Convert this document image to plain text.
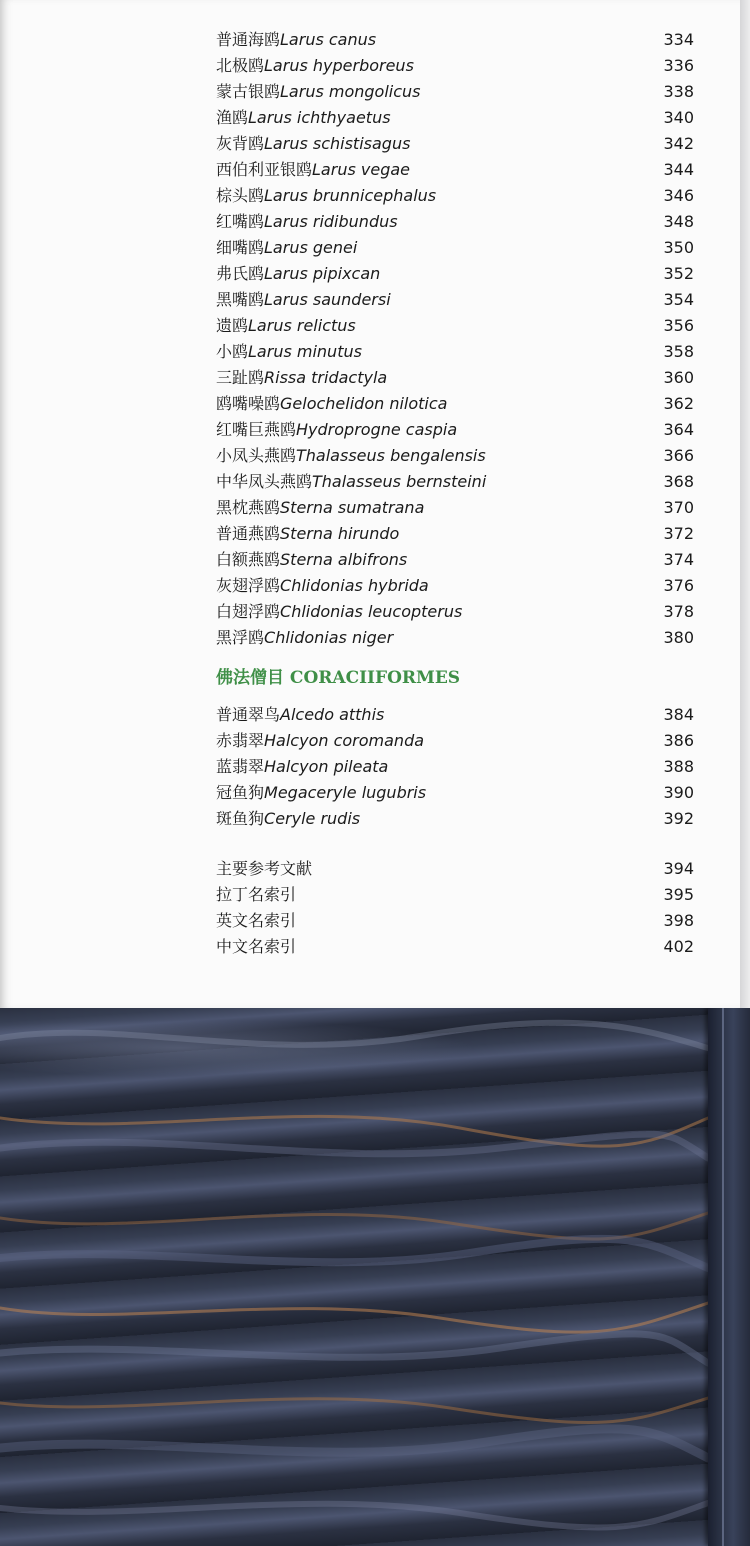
普通海鸥Larus canus	334
北极鸥Larus hyperboreus	336
蒙古银鸥Larus mongolicus	338
渔鸥Larus ichthyaetus	340
灰背鸥Larus schistisagus	342
西伯利亚银鸥Larus vegae	344
棕头鸥Larus brunnicephalus	346
红嘴鸥Larus ridibundus	348
细嘴鸥Larus genei	350
弗氏鸥Larus pipixcan	352
黑嘴鸥Larus saundersi	354
遗鸥Larus relictus	356
小鸥Larus minutus	358
三趾鸥Rissa tridactyla	360
鸥嘴噪鸥Gelochelidon nilotica	362
红嘴巨燕鸥Hydroprogne caspia	364
小凤头燕鸥Thalasseus bengalensis	366
中华凤头燕鸥Thalasseus bernsteini	368
黑枕燕鸥Sterna sumatrana	370
普通燕鸥Sterna hirundo	372
白额燕鸥Sterna albifrons	374
灰翅浮鸥Chlidonias hybrida	376
白翅浮鸥Chlidonias leucopterus	378
黑浮鸥Chlidonias niger	380
佛法僧目 CORACIIFORMES
普通翠鸟Alcedo atthis	384
赤翡翠Halcyon coromanda	386
蓝翡翠Halcyon pileata	388
冠鱼狗Megaceryle lugubris	390
斑鱼狗Ceryle rudis	392
主要参考文献	394
拉丁名索引	395
英文名索引	398
中文名索引	402
